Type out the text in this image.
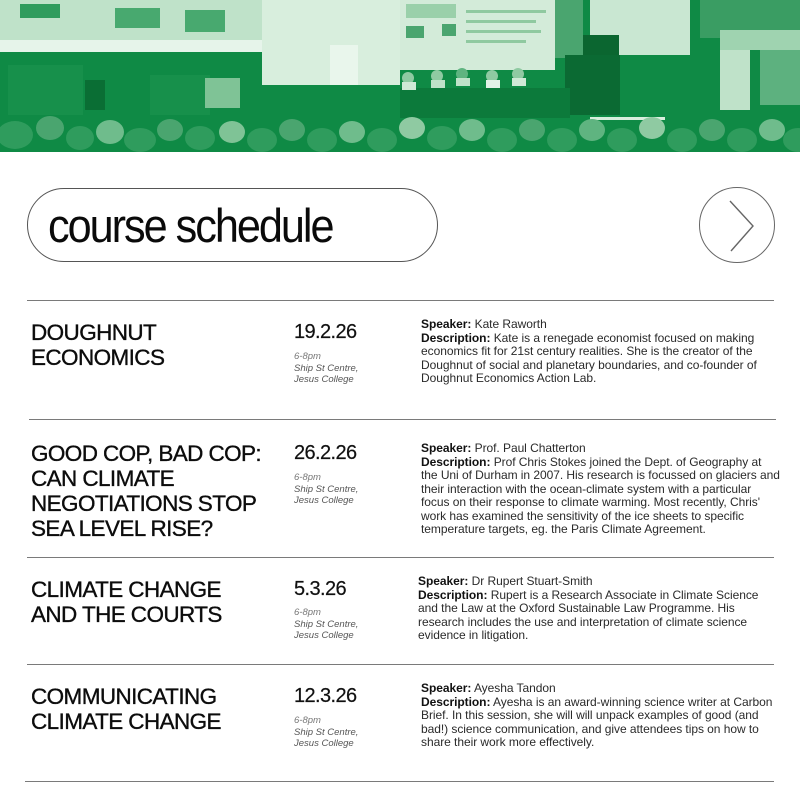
course schedule
DOUGHNUT
ECONOMICS
19.2.26
6-8pm
Ship St Centre,
Jesus College
Speaker: Kate Raworth
Description: Kate is a renegade economist focused on making economics fit for 21st century realities. She is the creator of the Doughnut of social and planetary boundaries, and co-founder of Doughnut Economics Action Lab.
GOOD COP, BAD COP:
CAN CLIMATE
NEGOTIATIONS STOP
SEA LEVEL RISE?
26.2.26
6-8pm
Ship St Centre,
Jesus College
Speaker: Prof. Paul Chatterton
Description: Prof Chris Stokes joined the Dept. of Geography at the Uni of Durham in 2007. His research is focussed on glaciers and their interaction with the ocean-climate system with a particular focus on their response to climate warming. Most recently, Chris' work has examined the sensitivity of the ice sheets to specific temperature targets, eg. the Paris Climate Agreement.
CLIMATE CHANGE
AND THE COURTS
5.3.26
6-8pm
Ship St Centre,
Jesus College
Speaker: Dr Rupert Stuart-Smith
Description: Rupert is a Research Associate in Climate Science and the Law at the Oxford Sustainable Law Programme. His research includes the use and interpretation of climate science evidence in litigation.
COMMUNICATING
CLIMATE CHANGE
12.3.26
6-8pm
Ship St Centre,
Jesus College
Speaker: Ayesha Tandon
Description: Ayesha is an award-winning science writer at Carbon Brief. In this session, she will will unpack examples of good (and bad!) science communication, and give attendees tips on how to share their work more effectively.
